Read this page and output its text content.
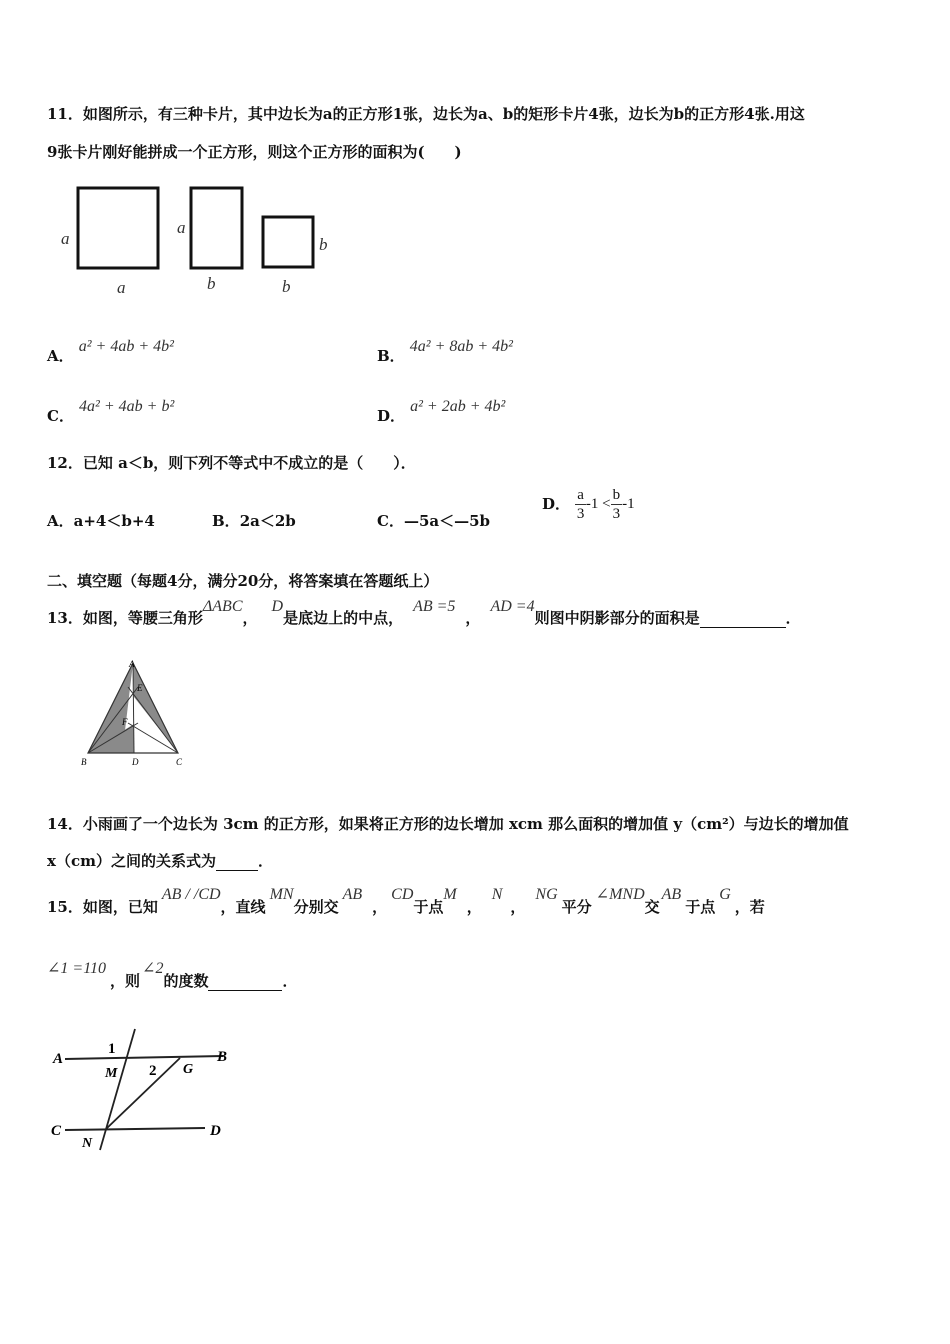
11．如图所示，有三种卡片，其中边长为a的正方形1张，边长为a、b的矩形卡片4张，边长为b的正方形4张.用这
9张卡片刚好能拼成一个正方形，则这个正方形的面积为(　　)
a
a
a
b
b
b
A． a² + 4ab + 4b²
B． 4a² + 8ab + 4b²
C． 4a² + 4ab + b²
D． a² + 2ab + 4b²
12．已知 a＜b，则下列不等式中不成立的是（　　）．
A．a+4＜b+4	B．2a＜2b	C．—5a＜—5b
D． $\frac{a}{3} -1 < \frac{b}{3} -1$
二、填空题（每题4分，满分20分，将答案填在答题纸上）
13．如图，等腰三角形ΔABC，D是底边上的中点，AB =5，AD =4则图中阴影部分的面积是	．
A
E
F
B	D	C
14．小雨画了一个边长为 3cm 的正方形，如果将正方形的边长增加 xcm 那么面积的增加值 y（cm²）与边长的增加值
x（cm）之间的关系式为	．
15．如图，已知AB / /CD，直线MN分别交AB，CD于点M，N，NG平分∠MND交AB于点G，若
∠1 =110，则∠2的度数	．
A	B
C	D
M
N
G
1
2
